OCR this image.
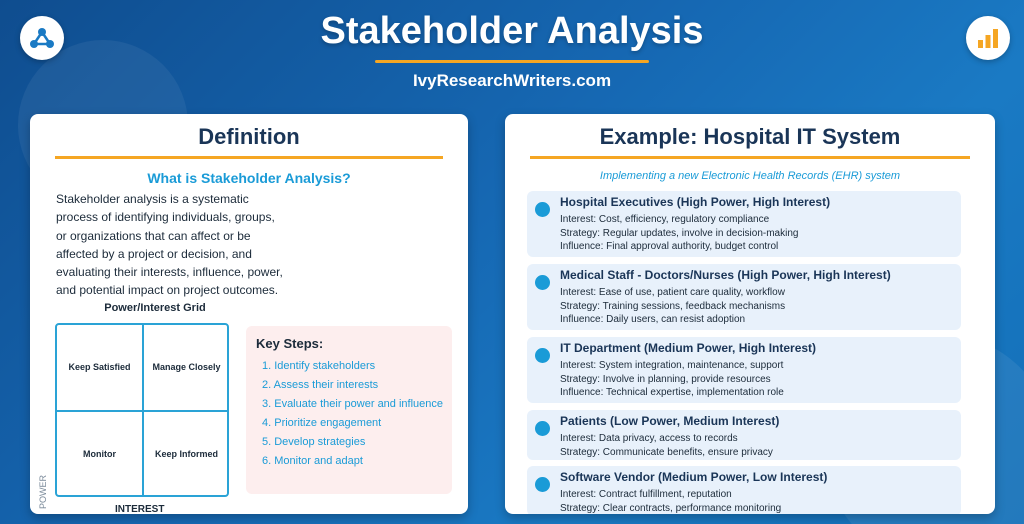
Stakeholder Analysis
IvyResearchWriters.com
Definition
What is Stakeholder Analysis?
Stakeholder analysis is a systematic process of identifying individuals, groups, or organizations that can affect or be affected by a project or decision, and evaluating their interests, influence, power, and potential impact on project outcomes.
Power/Interest Grid
Keep Satisfied	Manage Closely
Monitor	Keep Informed
POWER
INTEREST
Key Steps:
1. Identify stakeholders
2. Assess their interests
3. Evaluate their power and influence
4. Prioritize engagement
5. Develop strategies
6. Monitor and adapt
Example: Hospital IT System
Implementing a new Electronic Health Records (EHR) system
Hospital Executives (High Power, High Interest)
Interest: Cost, efficiency, regulatory compliance
Strategy: Regular updates, involve in decision-making
Influence: Final approval authority, budget control
Medical Staff - Doctors/Nurses (High Power, High Interest)
Interest: Ease of use, patient care quality, workflow
Strategy: Training sessions, feedback mechanisms
Influence: Daily users, can resist adoption
IT Department (Medium Power, High Interest)
Interest: System integration, maintenance, support
Strategy: Involve in planning, provide resources
Influence: Technical expertise, implementation role
Patients (Low Power, Medium Interest)
Interest: Data privacy, access to records
Strategy: Communicate benefits, ensure privacy
Software Vendor (Medium Power, Low Interest)
Interest: Contract fulfillment, reputation
Strategy: Clear contracts, performance monitoring
